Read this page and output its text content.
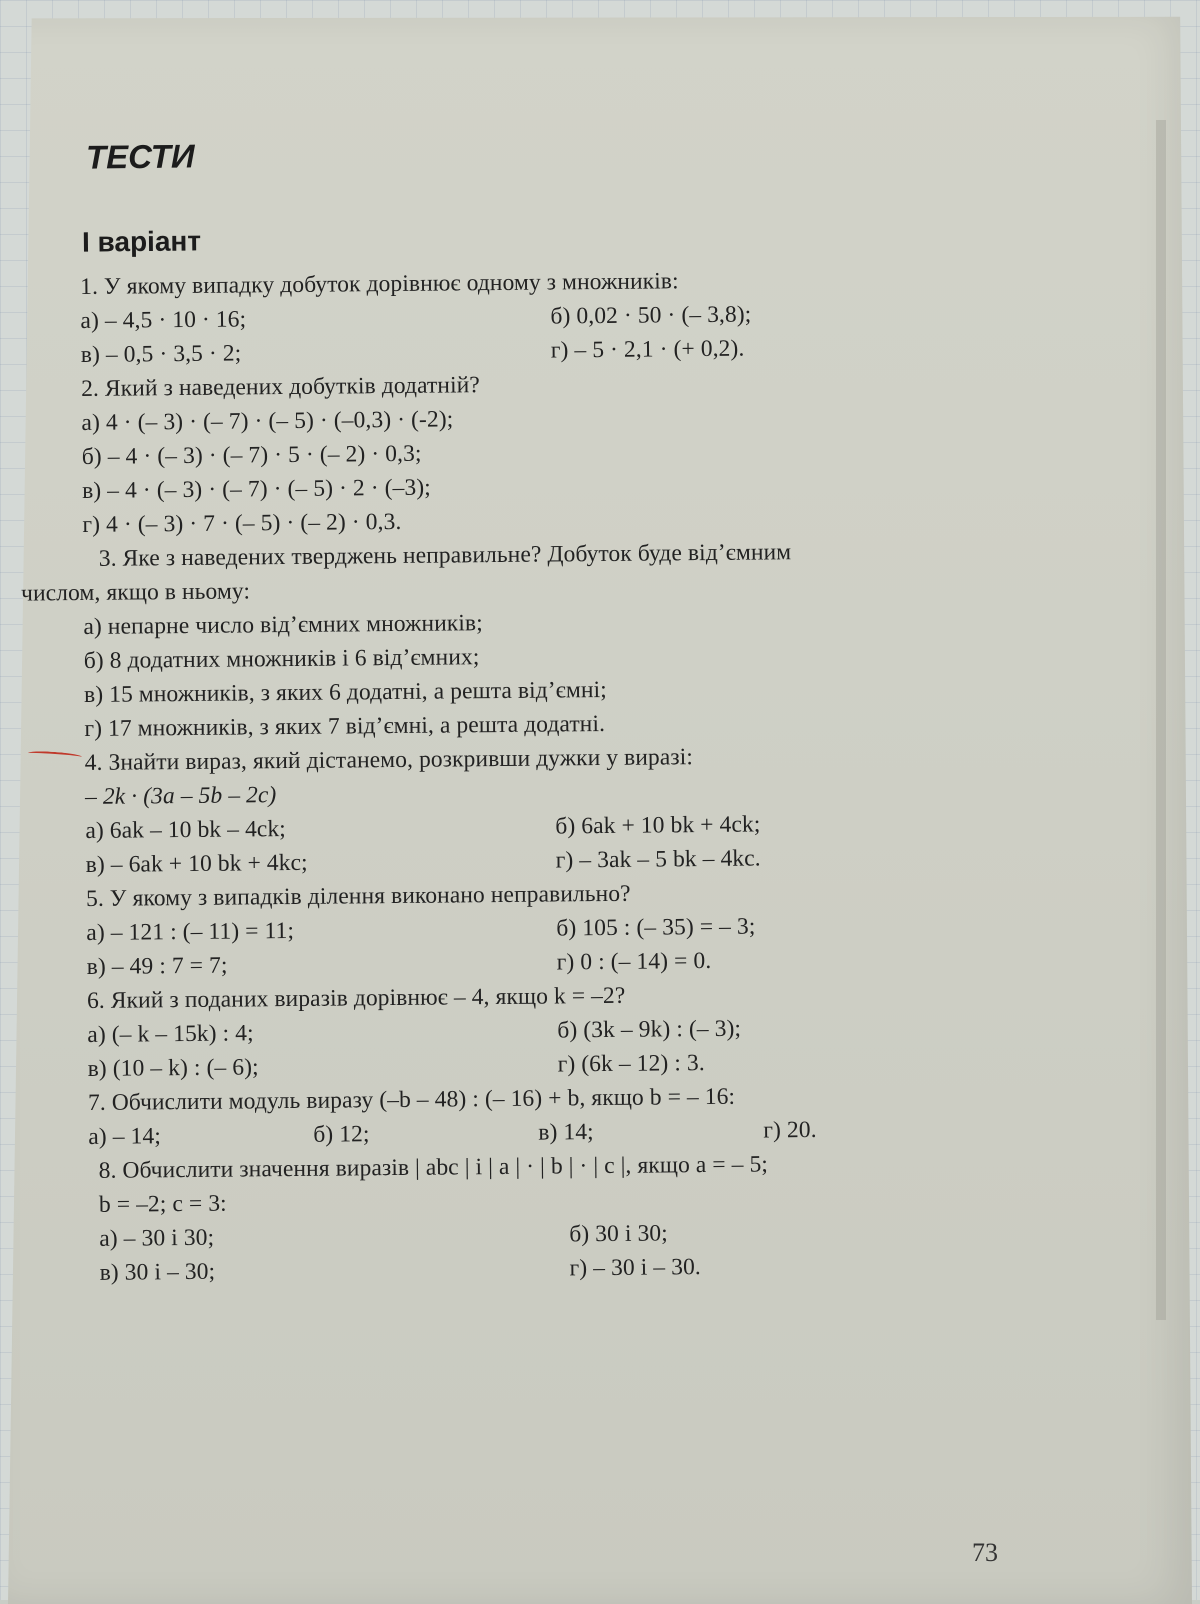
ТЕСТИ
І варіант
1. У якому випадку добуток дорівнює одному з множників:
а) – 4,5 · 10 · 16;	б) 0,02 · 50 · (– 3,8);
в) – 0,5 · 3,5 · 2;	г) – 5 · 2,1 · (+ 0,2).
2. Який з наведених добутків додатній?
а) 4 · (– 3) · (– 7) · (– 5) · (–0,3) · (-2);
б) – 4 · (– 3) · (– 7) · 5 · (– 2) · 0,3;
в) – 4 · (– 3) · (– 7) · (– 5) · 2 · (–3);
г) 4 · (– 3) · 7 · (– 5) · (– 2) · 0,3.
3. Яке з наведених тверджень неправильне? Добуток буде від’ємним
числом, якщо в ньому:
а) непарне число від’ємних множників;
б) 8 додатних множників і 6 від’ємних;
в) 15 множників, з яких 6 додатні, а решта від’ємні;
г) 17 множників, з яких 7 від’ємні, а решта додатні.
4. Знайти вираз, який дістанемо, розкривши дужки у виразі:
– 2k · (3a – 5b – 2c)
а) 6ak – 10 bk – 4ck;	б) 6ak + 10 bk + 4ck;
в) – 6ak + 10 bk + 4kc;	г) – 3ak – 5 bk – 4kc.
5. У якому з випадків ділення виконано неправильно?
а) – 121 : (– 11) = 11;	б) 105 : (– 35) = – 3;
в) – 49 : 7 = 7;	г) 0 : (– 14) = 0.
6. Який з поданих виразів дорівнює – 4, якщо k = –2?
а) (– k – 15k) : 4;	б) (3k – 9k) : (– 3);
в) (10 – k) : (– 6);	г) (6k – 12) : 3.
7. Обчислити модуль виразу (–b – 48) : (– 16) + b, якщо b = – 16:
а) – 14;	б) 12;	в) 14;	г) 20.
8. Обчислити значення виразів | abc | і | a | · | b | · | c |, якщо a = – 5;
b = –2; c = 3:
а) – 30 і 30;	б) 30 і 30;
в) 30 і – 30;	г) – 30 і – 30.
73
